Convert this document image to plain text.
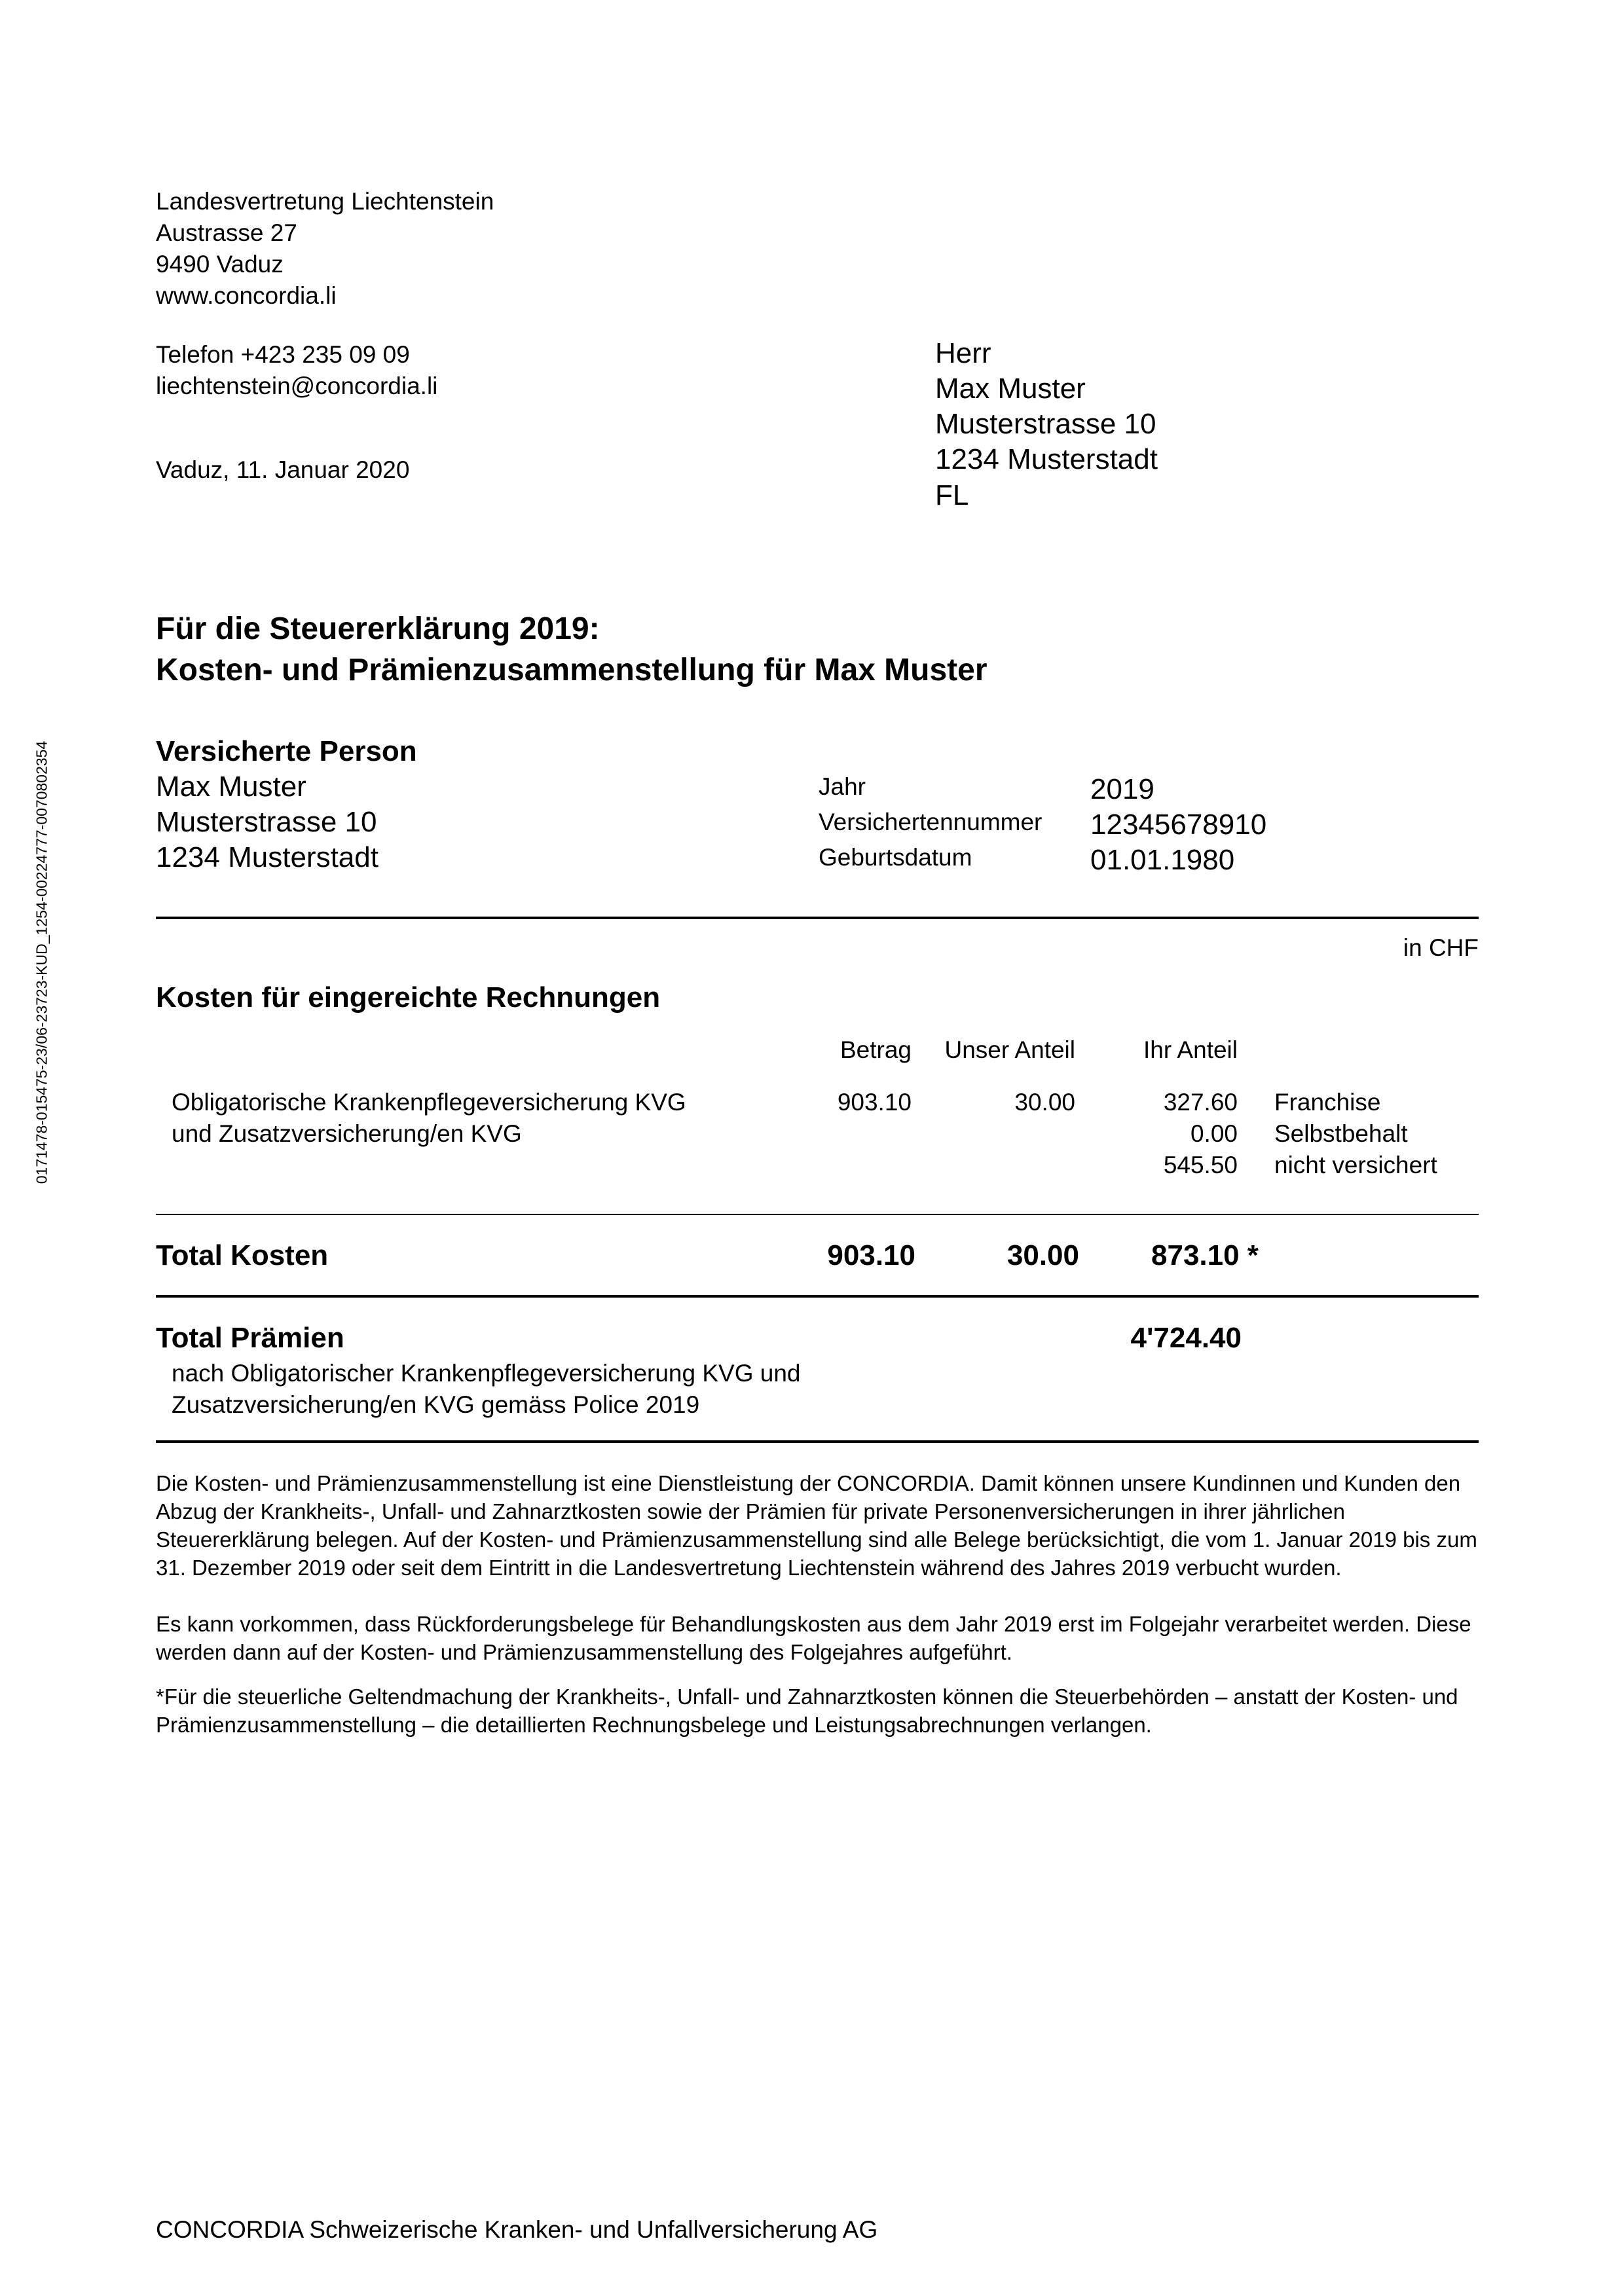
0171478-015475-23/06-23723-KUD_1254-00224777-0070802354
Landesvertretung Liechtenstein
Austrasse 27
9490 Vaduz
www.concordia.li
Telefon +423 235 09 09
liechtenstein@concordia.li
Vaduz, 11. Januar 2020
Herr
Max Muster
Musterstrasse 10
1234 Musterstadt
FL
Für die Steuererklärung 2019:
Kosten- und Prämienzusammenstellung für Max Muster
Versicherte Person
Max Muster
Musterstrasse 10
1234 Musterstadt
Jahr	2019
Versichertennummer 12345678910
Geburtsdatum	01.01.1980
in CHF
Kosten für eingereichte Rechnungen
Betrag Unser Anteil	Ihr Anteil
Obligatorische Krankenpflegeversicherung KVG
und Zusatzversicherung/en KVG
903.10	30.00	327.60 Franchise
0.00 Selbstbehalt
545.50 nicht versichert
Total Kosten	903.10	30.00	873.10 *
Total Prämien	4'724.40
nach Obligatorischer Krankenpflegeversicherung KVG und
Zusatzversicherung/en KVG gemäss Police 2019
Die Kosten- und Prämienzusammenstellung ist eine Dienstleistung der CONCORDIA. Damit können unsere Kundinnen und Kunden den Abzug der Krankheits-, Unfall- und Zahnarztkosten sowie der Prämien für private Personenversicherungen in ihrer jährlichen Steuererklärung belegen. Auf der Kosten- und Prämienzusammenstellung sind alle Belege berücksichtigt, die vom 1. Januar 2019 bis zum 31. Dezember 2019 oder seit dem Eintritt in die Landesvertretung Liechtenstein während des Jahres 2019 verbucht wurden.
Es kann vorkommen, dass Rückforderungsbelege für Behandlungskosten aus dem Jahr 2019 erst im Folgejahr verarbeitet werden. Diese werden dann auf der Kosten- und Prämienzusammenstellung des Folgejahres aufgeführt.
*Für die steuerliche Geltendmachung der Krankheits-, Unfall- und Zahnarztkosten können die Steuerbehörden – anstatt der Kosten- und Prämienzusammenstellung – die detaillierten Rechnungsbelege und Leistungsabrechnungen verlangen.
CONCORDIA Schweizerische Kranken- und Unfallversicherung AG
